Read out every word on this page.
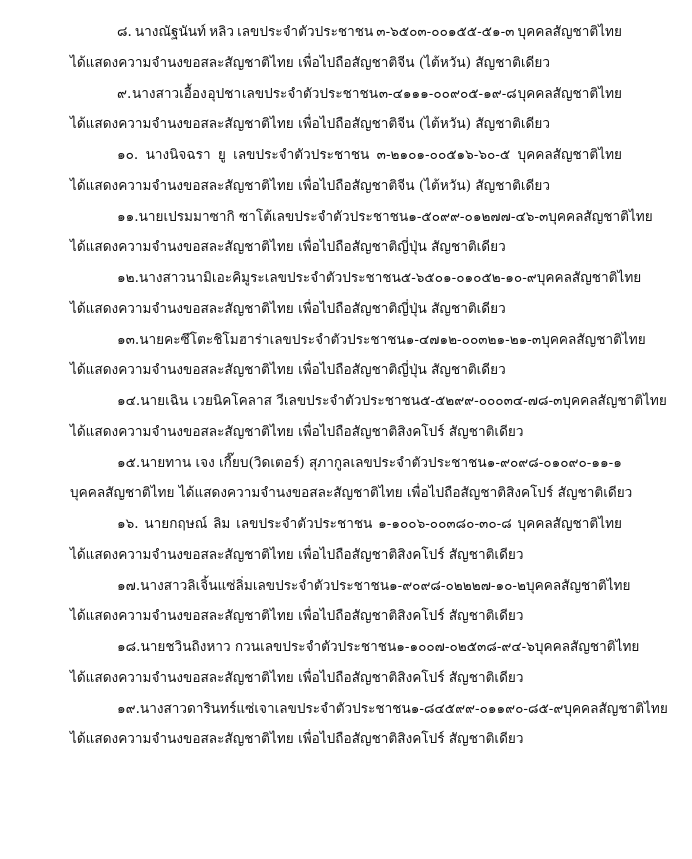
๘. นางณัฐนันท์ หลิว เลขประจำตัวประชาชน ๓-๖๕๐๓-๐๐๑๕๕-๕๑-๓ บุคคลสัญชาติไทย
ได้แสดงความจำนงขอสละสัญชาติไทย เพื่อไปถือสัญชาติจีน (ไต้หวัน) สัญชาติเดียว
๙. นางสาวเอื้อง อุปชา เลขประจำตัวประชาชน ๓-๔๑๑๑-๐๐๙๐๕-๑๙-๘ บุคคลสัญชาติไทย
ได้แสดงความจำนงขอสละสัญชาติไทย เพื่อไปถือสัญชาติจีน (ไต้หวัน) สัญชาติเดียว
๑๐. นางนิจฉรา ยู เลขประจำตัวประชาชน ๓-๒๑๐๑-๐๐๕๑๖-๖๐-๕ บุคคลสัญชาติไทย
ได้แสดงความจำนงขอสละสัญชาติไทย เพื่อไปถือสัญชาติจีน (ไต้หวัน) สัญชาติเดียว
๑๑. นายเปรม มาซากิ ซาโต้ เลขประจำตัวประชาชน ๑-๕๐๙๙-๐๑๒๗๗-๔๖-๓ บุคคลสัญชาติไทย
ได้แสดงความจำนงขอสละสัญชาติไทย เพื่อไปถือสัญชาติญี่ปุ่น สัญชาติเดียว
๑๒. นางสาวนามิเอะ คิมูระ เลขประจำตัวประชาชน ๕-๖๕๐๑-๐๑๐๕๒-๑๐-๙ บุคคลสัญชาติไทย
ได้แสดงความจำนงขอสละสัญชาติไทย เพื่อไปถือสัญชาติญี่ปุ่น สัญชาติเดียว
๑๓. นายคะซึโตะ ชิโมฮาร่า เลขประจำตัวประชาชน ๑-๔๗๑๒-๐๐๓๒๑-๒๑-๓ บุคคลสัญชาติไทย
ได้แสดงความจำนงขอสละสัญชาติไทย เพื่อไปถือสัญชาติญี่ปุ่น สัญชาติเดียว
๑๔. นายเฉิน เวย นิคโคลาส วี เลขประจำตัวประชาชน ๕-๕๒๙๙-๐๐๐๓๔-๗๘-๓ บุคคลสัญชาติไทย
ได้แสดงความจำนงขอสละสัญชาติไทย เพื่อไปถือสัญชาติสิงคโปร์ สัญชาติเดียว
๑๕. นายทาน เจง เกี๊ยบ (วิดเตอร์) สุภากูล เลขประจำตัวประชาชน ๑-๙๐๙๘-๐๑๐๙๐-๑๑-๑
บุคคลสัญชาติไทย ได้แสดงความจำนงขอสละสัญชาติไทย เพื่อไปถือสัญชาติสิงคโปร์ สัญชาติเดียว
๑๖. นายกฤษณ์ ลิม เลขประจำตัวประชาชน ๑-๑๐๐๖-๐๐๓๘๐-๓๐-๘ บุคคลสัญชาติไทย
ได้แสดงความจำนงขอสละสัญชาติไทย เพื่อไปถือสัญชาติสิงคโปร์ สัญชาติเดียว
๑๗. นางสาวลิเจิ้น แซ่ลิ่ม เลขประจำตัวประชาชน ๑-๙๐๙๘-๐๒๒๒๗-๑๐-๒ บุคคลสัญชาติไทย
ได้แสดงความจำนงขอสละสัญชาติไทย เพื่อไปถือสัญชาติสิงคโปร์ สัญชาติเดียว
๑๘. นายชวิน ถิงหาว กวน เลขประจำตัวประชาชน ๑-๑๐๐๗-๐๒๕๓๘-๙๔-๖ บุคคลสัญชาติไทย
ได้แสดงความจำนงขอสละสัญชาติไทย เพื่อไปถือสัญชาติสิงคโปร์ สัญชาติเดียว
๑๙. นางสาวดารินทร์ แซ่เจา เลขประจำตัวประชาชน ๑-๘๔๕๙๙-๐๑๑๙๐-๘๕-๙ บุคคลสัญชาติไทย
ได้แสดงความจำนงขอสละสัญชาติไทย เพื่อไปถือสัญชาติสิงคโปร์ สัญชาติเดียว
